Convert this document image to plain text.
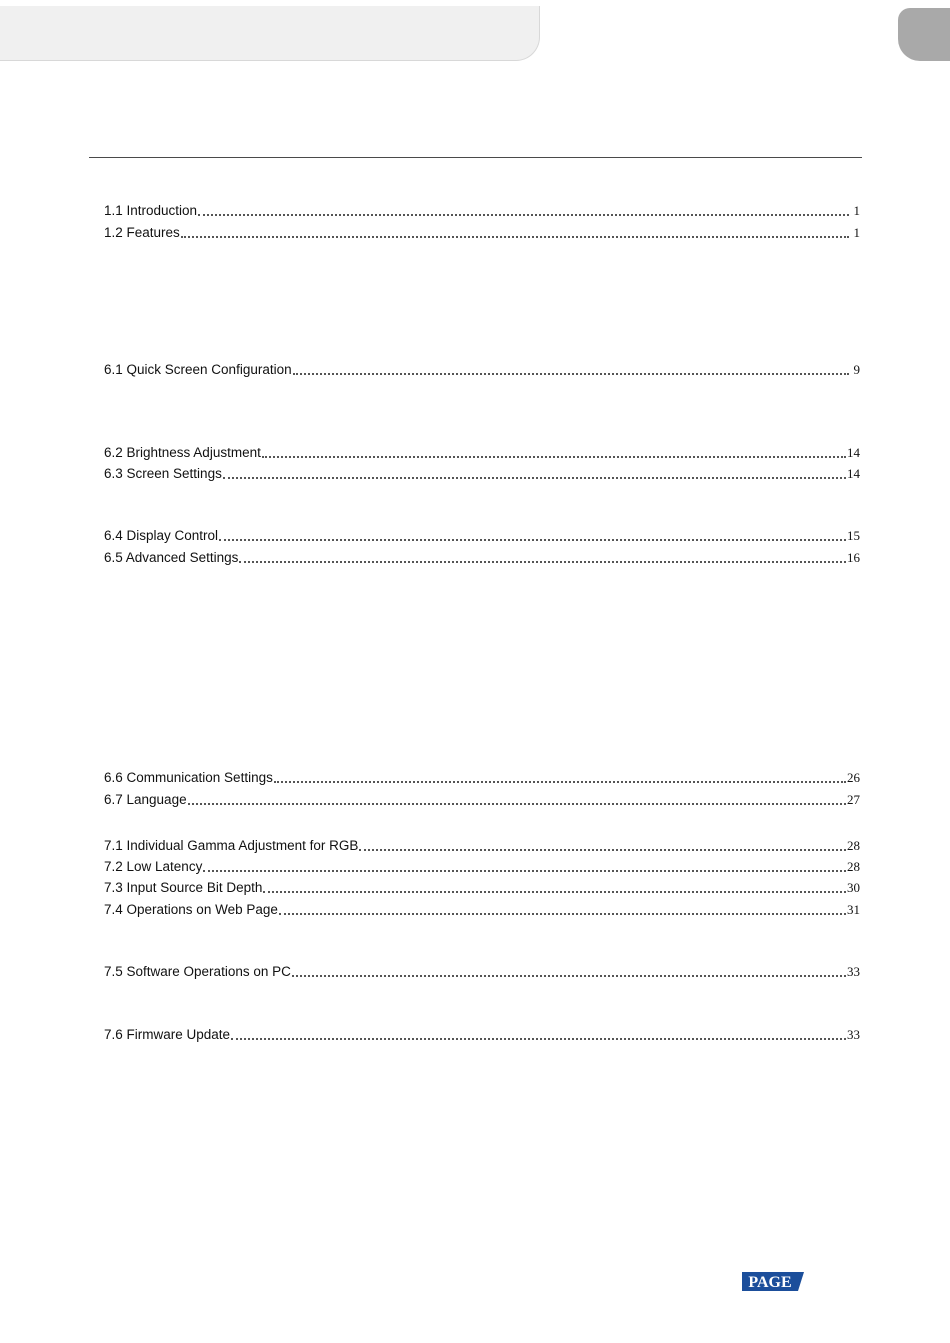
1.1 Introduction	1
1.2 Features	1
6.1 Quick Screen Configuration	9
6.2 Brightness Adjustment	14
6.3 Screen Settings	14
6.4 Display Control	15
6.5 Advanced Settings	16
6.6 Communication Settings	26
6.7 Language	27
7.1 Individual Gamma Adjustment for RGB	28
7.2 Low Latency	28
7.3 Input Source Bit Depth	30
7.4 Operations on Web Page	31
7.5 Software Operations on PC	33
7.6 Firmware Update	33
PAGE
